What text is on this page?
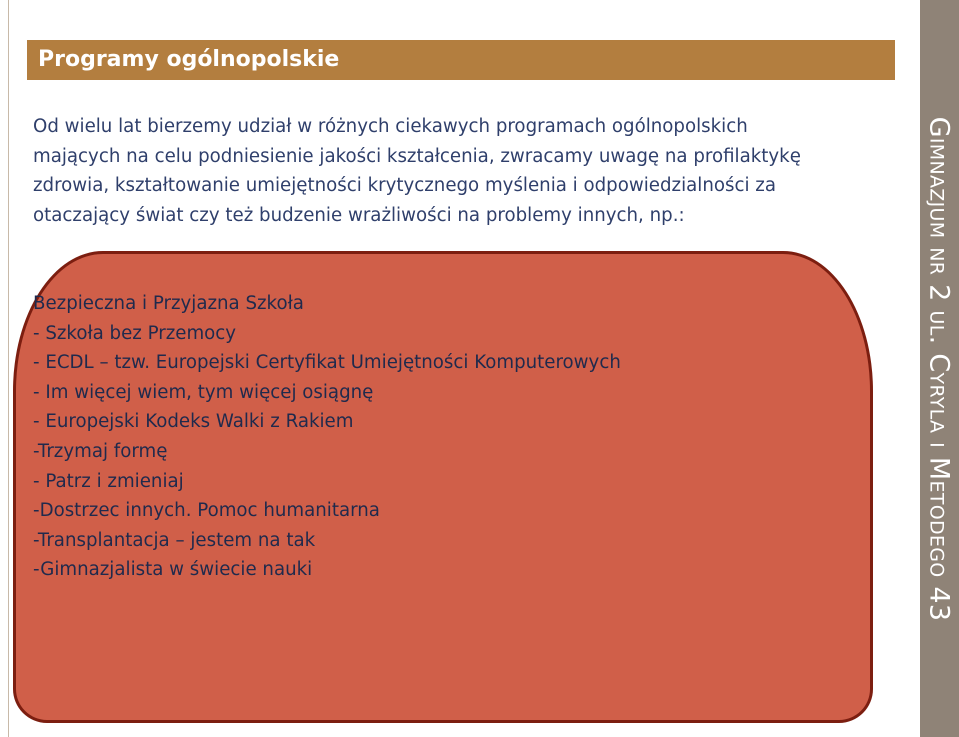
Programy ogólnopolskie
Od wielu lat bierzemy udział w różnych ciekawych programach ogólnopolskich
mających na celu podniesienie jakości kształcenia, zwracamy uwagę na profilaktykę
zdrowia, kształtowanie umiejętności krytycznego myślenia i odpowiedzialności za
otaczający świat czy też budzenie wrażliwości na problemy innych, np.:
Bezpieczna i Przyjazna Szkoła
- Szkoła bez Przemocy
- ECDL – tzw. Europejski Certyfikat Umiejętności Komputerowych
- Im więcej wiem, tym więcej osiągnę
- Europejski Kodeks Walki z Rakiem
-Trzymaj formę
- Patrz i zmieniaj
-Dostrzec innych. Pomoc humanitarna
-Transplantacja – jestem na tak
-Gimnazjalista w świecie nauki	Gimnazjum nr 2 ul. Cyryla i Metodego 43
